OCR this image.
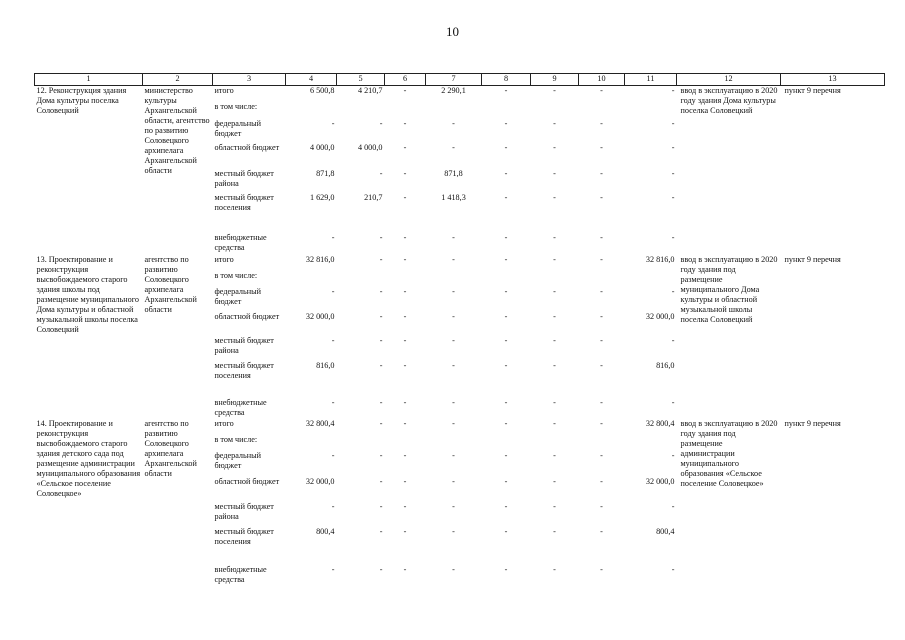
10
1	2	3	4	5	6	7	8	9	10	11	12	13
12. Реконструкция здания Дома культуры поселка Соловецкий	министерство культуры Архангельской области, агентство по развитию Соловецкого архипелага Архангельской области	итого	6 500,8	4 210,7	-	2 290,1	-	-	-	-	ввод в эксплуатацию в 2020 году здания Дома культуры поселка Соловецкий	пункт 9 перечня
		в том числе:										
		федеральный бюджет	-	-	-	-	-	-	-	-		
		областной бюджет	4 000,0	4 000,0	-	-	-	-	-	-		
		местный бюджет района	871,8	-	-	871,8	-	-	-	-		
		местный бюджет поселения	1 629,0	210,7	-	1 418,3	-	-	-	-		
		внебюджетные средства	-	-	-	-	-	-	-	-		
13. Проектирование и реконструкция высвобождаемого старого здания школы под размещение муниципального Дома культуры и областной музыкальной школы поселка Соловецкий	агентство по развитию Соловецкого архипелага Архангельской области	итого	32 816,0	-	-	-	-	-	-	32 816,0	ввод в эксплуатацию в 2020 году здания под размещение муниципального Дома культуры и областной музыкальной школы поселка Соловецкий	пункт 9 перечня
		в том числе:										
		федеральный бюджет	-	-	-	-	-	-	-	-		
		областной бюджет	32 000,0	-	-	-	-	-	-	32 000,0		
		местный бюджет района	-	-	-	-	-	-	-	-		
		местный бюджет поселения	816,0	-	-	-	-	-	-	816,0		
		внебюджетные средства	-	-	-	-	-	-	-	-		
14. Проектирование и реконструкция высвобождаемого старого здания детского сада под размещение администрации муниципального образования «Сельское поселение Соловецкое»	агентство по развитию Соловецкого архипелага Архангельской области	итого	32 800,4	-	-	-	-	-	-	32 800,4	ввод в эксплуатацию в 2020 году здания под размещение администрации муниципального образования «Сельское поселение Соловецкое»	пункт 9 перечня
		в том числе:										
		федеральный бюджет	-	-	-	-	-	-	-	-		
		областной бюджет	32 000,0	-	-	-	-	-	-	32 000,0		
		местный бюджет района	-	-	-	-	-	-	-	-		
		местный бюджет поселения	800,4	-	-	-	-	-	-	800,4		
		внебюджетные средства	-	-	-	-	-	-	-	-		
